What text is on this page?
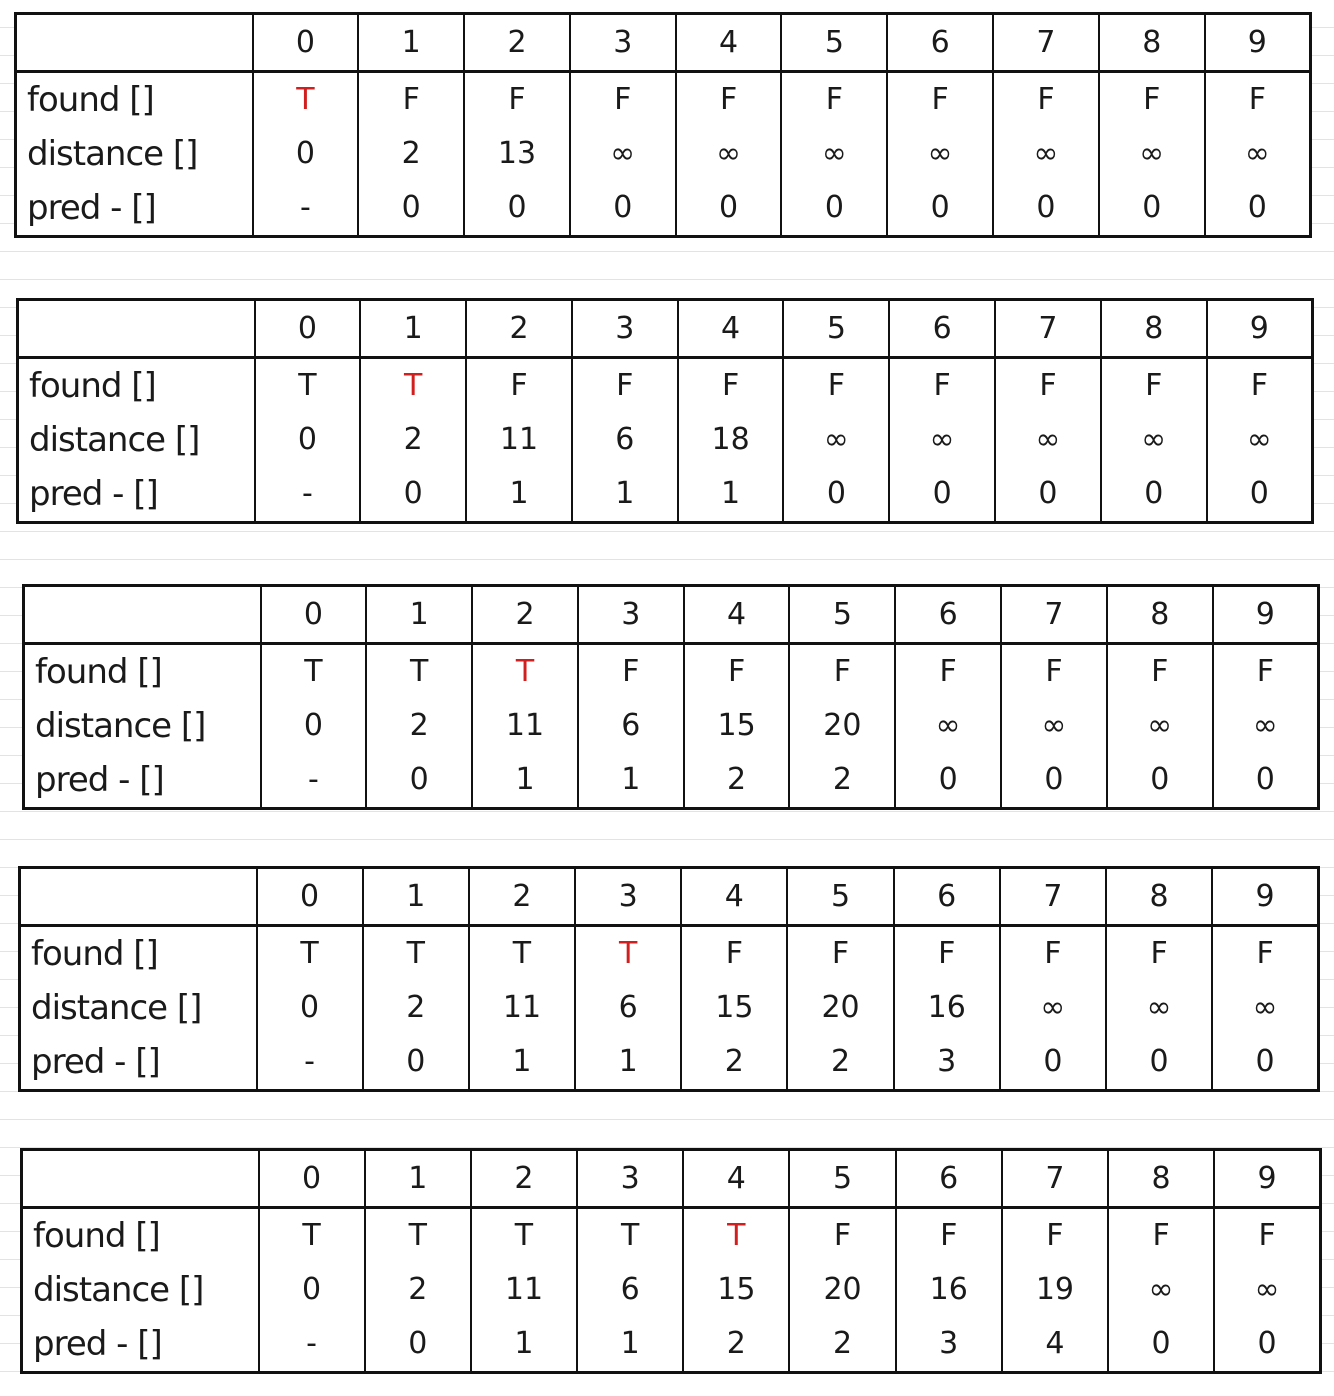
	0	1	2	3	4	5	6	7	8	9
found []	T	F	F	F	F	F	F	F	F	F
distance []	0	2	13	∞	∞	∞	∞	∞	∞	∞
pred - []	-	0	0	0	0	0	0	0	0	0
	0	1	2	3	4	5	6	7	8	9
found []	T	T	F	F	F	F	F	F	F	F
distance []	0	2	11	6	18	∞	∞	∞	∞	∞
pred - []	-	0	1	1	1	0	0	0	0	0
	0	1	2	3	4	5	6	7	8	9
found []	T	T	T	F	F	F	F	F	F	F
distance []	0	2	11	6	15	20	∞	∞	∞	∞
pred - []	-	0	1	1	2	2	0	0	0	0
	0	1	2	3	4	5	6	7	8	9
found []	T	T	T	T	F	F	F	F	F	F
distance []	0	2	11	6	15	20	16	∞	∞	∞
pred - []	-	0	1	1	2	2	3	0	0	0
	0	1	2	3	4	5	6	7	8	9
found []	T	T	T	T	T	F	F	F	F	F
distance []	0	2	11	6	15	20	16	19	∞	∞
pred - []	-	0	1	1	2	2	3	4	0	0
